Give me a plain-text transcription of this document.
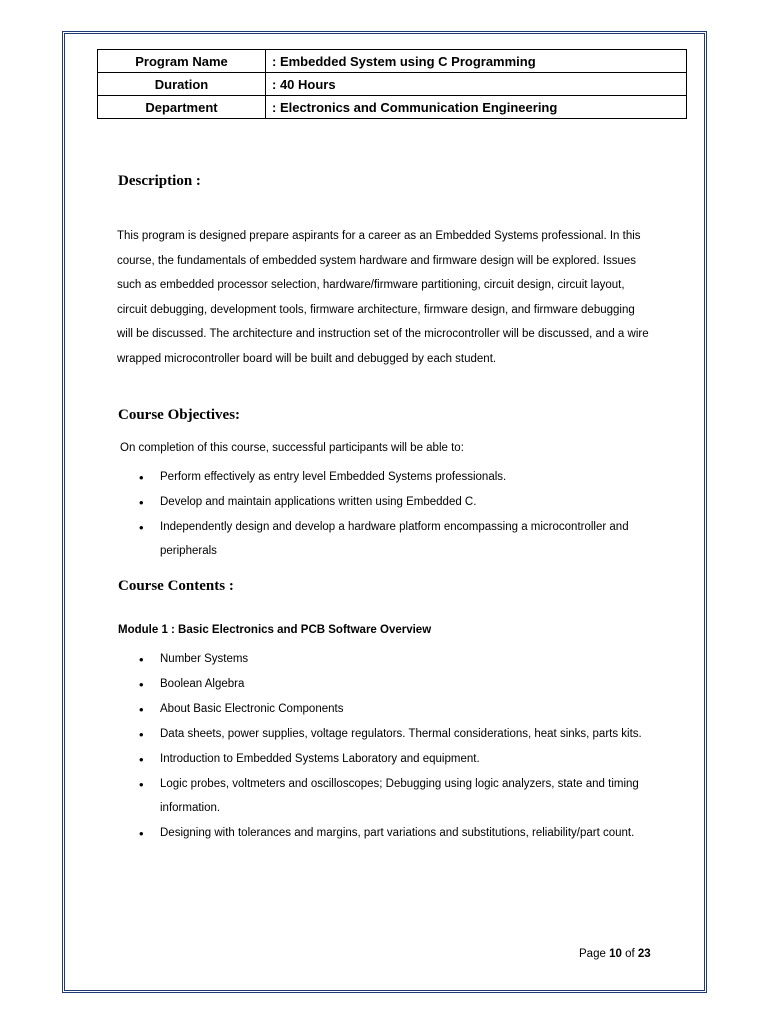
Program Name	: Embedded System using C Programming
Duration	: 40 Hours
Department	: Electronics and Communication Engineering
Description :

This program is designed prepare aspirants for a career as an Embedded Systems professional. In this course, the fundamentals of embedded system hardware and firmware design will be explored. Issues such as embedded processor selection, hardware/firmware partitioning, circuit design, circuit layout, circuit debugging, development tools, firmware architecture, firmware design, and firmware debugging will be discussed. The architecture and instruction set of the microcontroller will be discussed, and a wire wrapped microcontroller board will be built and debugged by each student.

Course Objectives:

On completion of this course, successful participants will be able to:

• Perform effectively as entry level Embedded Systems professionals.
• Develop and maintain applications written using Embedded C.
• Independently design and develop a hardware platform encompassing a microcontroller and peripherals
Course Contents :
Module 1 : Basic Electronics and PCB Software Overview
• Number Systems
• Boolean Algebra
• About Basic Electronic Components
• Data sheets, power supplies, voltage regulators. Thermal considerations, heat sinks, parts kits.
• Introduction to Embedded Systems Laboratory and equipment.
• Logic probes, voltmeters and oscilloscopes; Debugging using logic analyzers, state and timing information.
• Designing with tolerances and margins, part variations and substitutions, reliability/part count.
Page 10 of 23
